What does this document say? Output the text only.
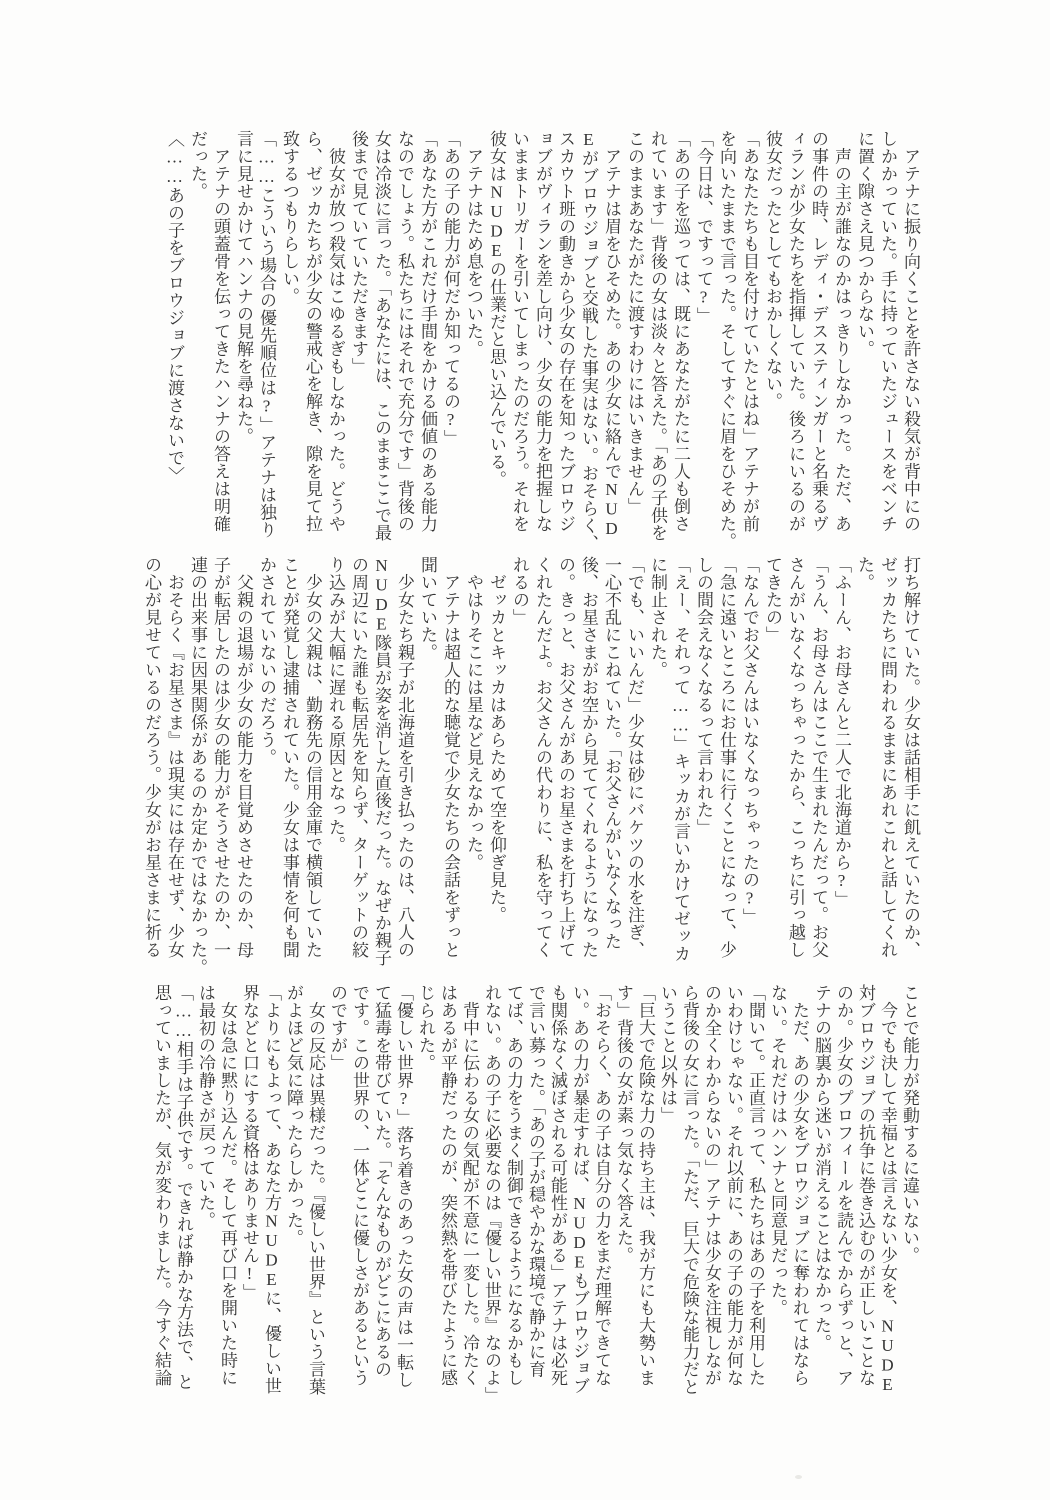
　アテナに振り向くことを許さない殺気が背中にの
しかかっていた。手に持っていたジュースをベンチ
に置く隙さえ見つからない。
　声の主が誰なのかはっきりしなかった。ただ、あ
の事件の時、レディ・デススティンガーと名乗るヴ
ィランが少女たちを指揮していた。後ろにいるのが
彼女だったとしてもおかしくない。
「あなたたちも目を付けていたとはね」アテナが前
を向いたままで言った。そしてすぐに眉をひそめた。
「今日は、ですって?」
「あの子を巡っては、既にあなたがたに二人も倒さ
れています」背後の女は淡々と答えた。「あの子供を
このままあなたがたに渡すわけにはいきません」
　アテナは眉をひそめた。あの少女に絡んでNUD
Eがブロウジョブと交戦した事実はない。おそらく、
スカウト班の動きから少女の存在を知ったブロウジ
ョブがヴィランを差し向け、少女の能力を把握しな
いままトリガーを引いてしまったのだろう。それを
彼女はNUDEの仕業だと思い込んでいる。
　アテナはため息をついた。
「あの子の能力が何だか知ってるの?」
「あなた方がこれだけ手間をかける価値のある能力
なのでしょう。私たちにはそれで充分です」背後の
女は冷淡に言った。「あなたには、このままここで最
後まで見ていていただきます」
　彼女が放つ殺気はこゆるぎもしなかった。どうや
ら、ゼッカたちが少女の警戒心を解き、隙を見て拉
致するつもりらしい。
「……こういう場合の優先順位は?」アテナは独り
言に見せかけてハンナの見解を尋ねた。
　アテナの頭蓋骨を伝ってきたハンナの答えは明確
だった。
〈……あの子をブロウジョブに渡さないで〉
打ち解けていた。少女は話相手に飢えていたのか、
ゼッカたちに問われるままにあれこれと話してくれ
た。
「ふーん、お母さんと二人で北海道から?」
「うん、お母さんはここで生まれたんだって。お父
さんがいなくなっちゃったから、こっちに引っ越し
てきたの」
「なんでお父さんはいなくなっちゃったの?」
「急に遠いところにお仕事に行くことになって、少
しの間会えなくなるって言われた」
「えー、それって……」キッカが言いかけてゼッカ
に制止された。
「でも、いいんだ」少女は砂にバケツの水を注ぎ、
一心不乱にこねていた。「お父さんがいなくなった
後、お星さまがお空から見ててくれるようになった
の。きっと、お父さんがあのお星さまを打ち上げて
くれたんだよ。お父さんの代わりに、私を守ってく
れるの」
　ゼッカとキッカはあらためて空を仰ぎ見た。
　やはりそこには星など見えなかった。
　アテナは超人的な聴覚で少女たちの会話をずっと
聞いていた。
　少女たち親子が北海道を引き払ったのは、八人の
NUDE隊員が姿を消した直後だった。なぜか親子
の周辺にいた誰も転居先を知らず、ターゲットの絞
り込みが大幅に遅れる原因となった。
　少女の父親は、勤務先の信用金庫で横領していた
ことが発覚し逮捕されていた。少女は事情を何も聞
かされていないのだろう。
　父親の退場が少女の能力を目覚めさせたのか、母
子が転居したのは少女の能力がそうさせたのか、一
連の出来事に因果関係があるのか定かではなかった。
　おそらく『お星さま』は現実には存在せず、少女
の心が見せているのだろう。少女がお星さまに祈る
ことで能力が発動するに違いない。
　今でも決して幸福とは言えない少女を、NUDE
対ブロウジョブの抗争に巻き込むのが正しいことな
のか。少女のプロフィールを読んでからずっと、ア
テナの脳裏から迷いが消えることはなかった。
　ただ、あの少女をブロウジョブに奪われてはなら
ない。それだけはハンナと同意見だった。
「聞いて。正直言って、私たちはあの子を利用した
いわけじゃない。それ以前に、あの子の能力が何な
のか全くわからないの」アテナは少女を注視しなが
ら背後の女に言った。「ただ、巨大で危険な能力だと
いうこと以外は」
「巨大で危険な力の持ち主は、我が方にも大勢いま
す」背後の女が素っ気なく答えた。
「おそらく、あの子は自分の力をまだ理解できてな
い。あの力が暴走すれば、NUDEもブロウジョブ
も関係なく滅ぼされる可能性がある」アテナは必死
で言い募った。「あの子が穏やかな環境で静かに育
てば、あの力をうまく制御できるようになるかもし
れない。あの子に必要なのは『優しい世界』なのよ」
　背中に伝わる女の気配が不意に一変した。冷たく
はあるが平静だったのが、突然熱を帯びたように感
じられた。
「優しい世界?」落ち着きのあった女の声は一転し
て猛毒を帯びていた。「そんなものがどこにあるの
です。この世界の、一体どこに優しさがあるという
のですが」
　女の反応は異様だった。『優しい世界』という言葉
がよほど気に障ったらしかった。
「よりにもよって、あなた方NUDEに、優しい世
界などと口にする資格はありません!」
　女は急に黙り込んだ。そして再び口を開いた時に
は最初の冷静さが戻っていた。
「……相手は子供です。できれば静かな方法で、と
思っていましたが、気が変わりました。今すぐ結論
